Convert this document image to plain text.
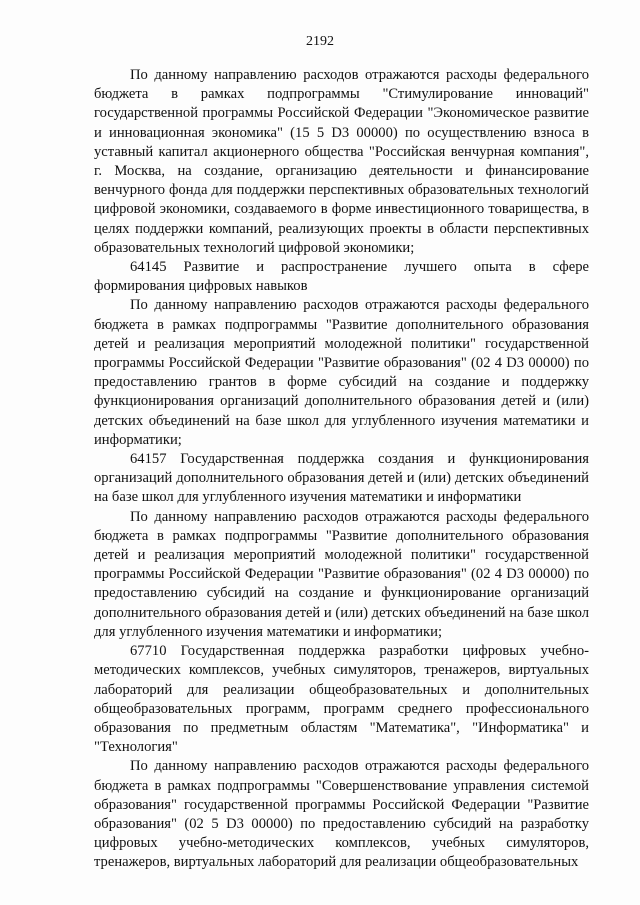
2192

По данному направлению расходов отражаются расходы федерального бюджета в рамках подпрограммы "Стимулирование инноваций" государственной программы Российской Федерации "Экономическое развитие и инновационная экономика" (15 5 D3 00000) по осуществлению взноса в уставный капитал акционерного общества "Российская венчурная компания", г. Москва, на создание, организацию деятельности и финансирование венчурного фонда для поддержки перспективных образовательных технологий цифровой экономики, создаваемого в форме инвестиционного товарищества, в целях поддержки компаний, реализующих проекты в области перспективных образовательных технологий цифровой экономики;

64145 Развитие и распространение лучшего опыта в сфере формирования цифровых навыков

По данному направлению расходов отражаются расходы федерального бюджета в рамках подпрограммы "Развитие дополнительного образования детей и реализация мероприятий молодежной политики" государственной программы Российской Федерации "Развитие образования" (02 4 D3 00000) по предоставлению грантов в форме субсидий на создание и поддержку функционирования организаций дополнительного образования детей и (или) детских объединений на базе школ для углубленного изучения математики и информатики;

64157 Государственная поддержка создания и функционирования организаций дополнительного образования детей и (или) детских объединений на базе школ для углубленного изучения математики и информатики

По данному направлению расходов отражаются расходы федерального бюджета в рамках подпрограммы "Развитие дополнительного образования детей и реализация мероприятий молодежной политики" государственной программы Российской Федерации "Развитие образования" (02 4 D3 00000) по предоставлению субсидий на создание и функционирование организаций дополнительного образования детей и (или) детских объединений на базе школ для углубленного изучения математики и информатики;

67710 Государственная поддержка разработки цифровых учебно-методических комплексов, учебных симуляторов, тренажеров, виртуальных лабораторий для реализации общеобразовательных и дополнительных общеобразовательных программ, программ среднего профессионального образования по предметным областям "Математика", "Информатика" и "Технология"

По данному направлению расходов отражаются расходы федерального бюджета в рамках подпрограммы "Совершенствование управления системой образования" государственной программы Российской Федерации "Развитие образования" (02 5 D3 00000) по предоставлению субсидий на разработку цифровых учебно-методических комплексов, учебных симуляторов, тренажеров, виртуальных лабораторий для реализации общеобразовательных
